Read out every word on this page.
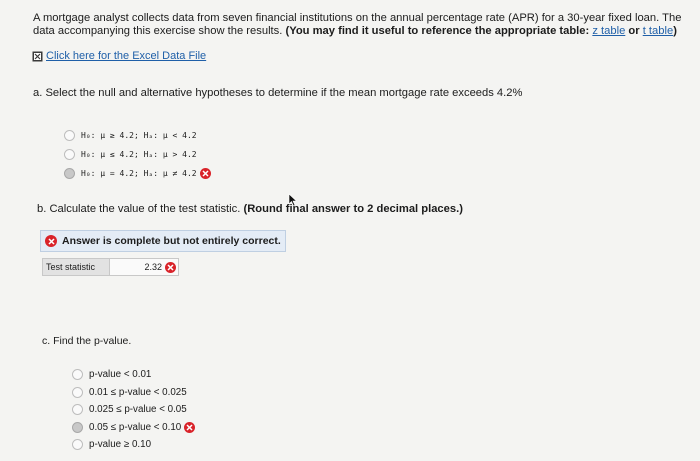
A mortgage analyst collects data from seven financial institutions on the annual percentage rate (APR) for a 30-year fixed loan. The data accompanying this exercise show the results. (You may find it useful to reference the appropriate table: z table or t table)
Click here for the Excel Data File
a. Select the null and alternative hypotheses to determine if the mean mortgage rate exceeds 4.2%
H₀: μ ≥ 4.2; Hₐ: μ < 4.2
H₀: μ ≤ 4.2; Hₐ: μ > 4.2
H₀: μ = 4.2; Hₐ: μ ≠ 4.2
b. Calculate the value of the test statistic. (Round final answer to 2 decimal places.)
Answer is complete but not entirely correct.
Test statistic	2.32
c. Find the p-value.
p-value < 0.01
0.01 ≤ p-value < 0.025
0.025 ≤ p-value < 0.05
0.05 ≤ p-value < 0.10
p-value ≥ 0.10
